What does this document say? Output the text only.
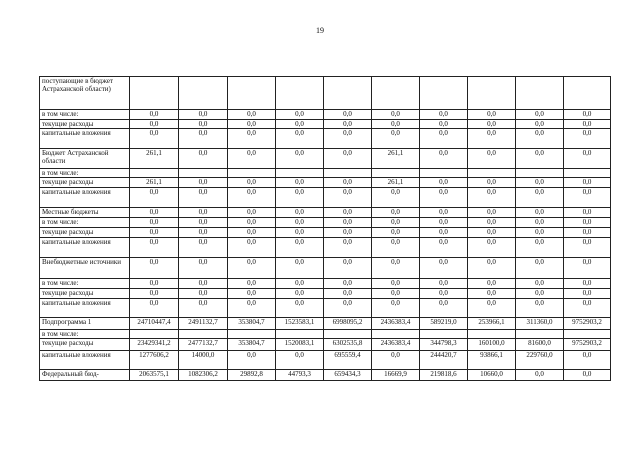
19
поступающие в бюджет Астраханской области)										
в том числе:	0,0	0,0	0,0	0,0	0,0	0,0	0,0	0,0	0,0	0,0
текущие расходы	0,0	0,0	0,0	0,0	0,0	0,0	0,0	0,0	0,0	0,0
капитальные вложения	0,0	0,0	0,0	0,0	0,0	0,0	0,0	0,0	0,0	0,0
Бюджет Астраханской области	261,1	0,0	0,0	0,0	0,0	261,1	0,0	0,0	0,0	0,0
в том числе:										
текущие расходы	261,1	0,0	0,0	0,0	0,0	261,1	0,0	0,0	0,0	0,0
капитальные вложения	0,0	0,0	0,0	0,0	0,0	0,0	0,0	0,0	0,0	0,0
Местные бюджеты	0,0	0,0	0,0	0,0	0,0	0,0	0,0	0,0	0,0	0,0
в том числе:	0,0	0,0	0,0	0,0	0,0	0,0	0,0	0,0	0,0	0,0
текущие расходы	0,0	0,0	0,0	0,0	0,0	0,0	0,0	0,0	0,0	0,0
капитальные вложения	0,0	0,0	0,0	0,0	0,0	0,0	0,0	0,0	0,0	0,0
Внебюджетные источники	0,0	0,0	0,0	0,0	0,0	0,0	0,0	0,0	0,0	0,0
в том числе:	0,0	0,0	0,0	0,0	0,0	0,0	0,0	0,0	0,0	0,0
текущие расходы	0,0	0,0	0,0	0,0	0,0	0,0	0,0	0,0	0,0	0,0
капитальные вложения	0,0	0,0	0,0	0,0	0,0	0,0	0,0	0,0	0,0	0,0
Подпрограмма 1	24710447,4	2491132,7	353804,7	1523583,1	6998095,2	2436383,4	589219,0	253966,1	311360,0	9752903,2
в том числе:										
текущие расходы	23429341,2	2477132,7	353804,7	1520083,1	6302535,8	2436383,4	344798,3	160100,0	81600,0	9752903,2
капитальные вложения	1277606,2	14000,0	0,0	0,0	695559,4	0,0	244420,7	93866,1	229760,0	0,0
Федеральный бюд-	2063575,1	1082306,2	29892,8	44793,3	659434,3	16669,9	219818,6	10660,0	0,0	0,0
